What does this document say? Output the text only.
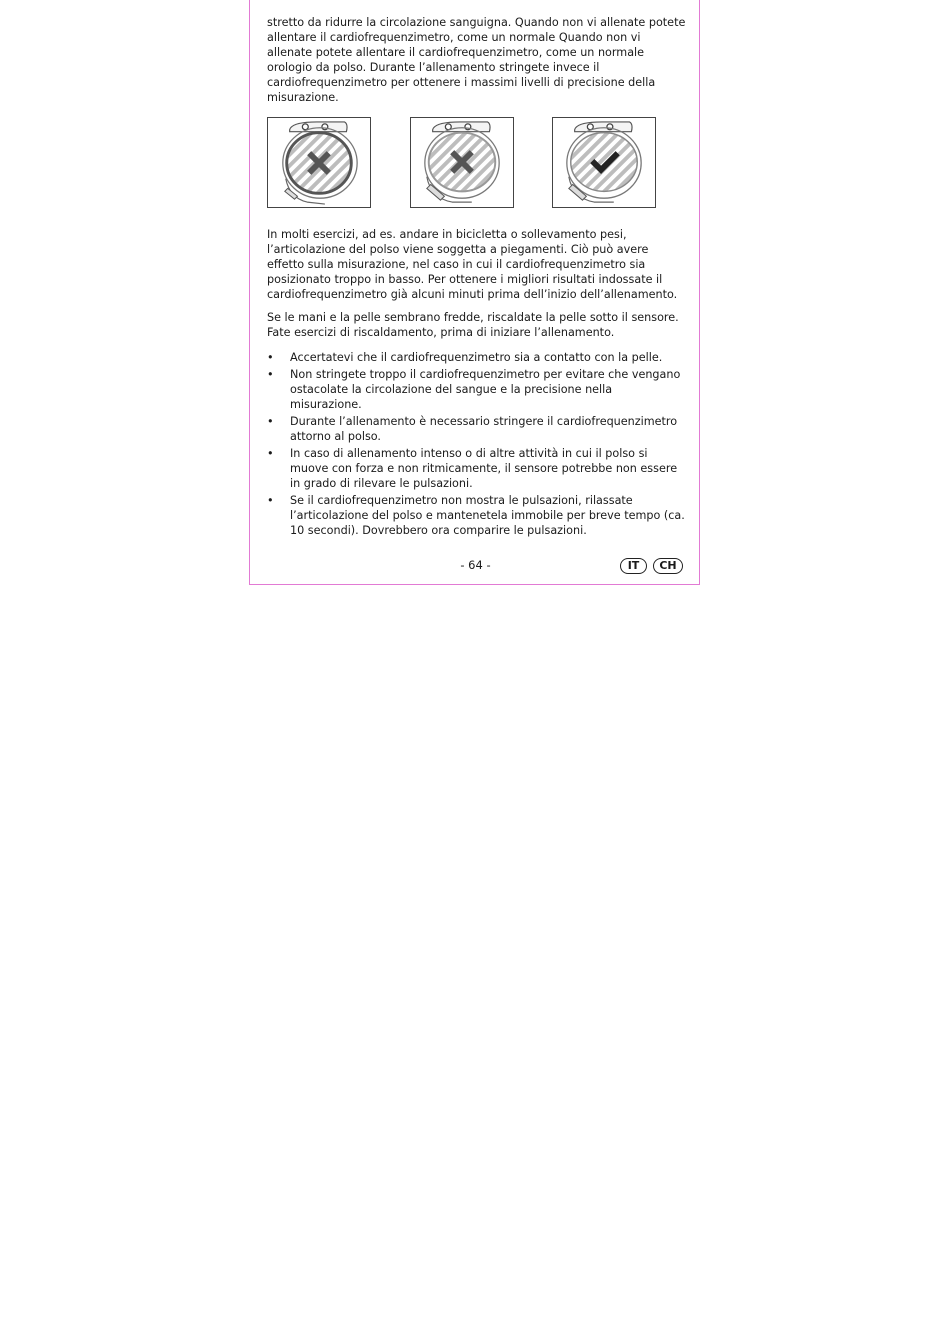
stretto da ridurre la circolazione sanguigna. Quando non vi allenate potete allentare il cardiofrequenzimetro, come un normale Quando non vi allenate potete allentare il cardiofrequenzimetro, come un normale orologio da polso. Durante l’allenamento stringete invece il cardiofrequenzimetro per ottenere i massimi livelli di precisione della misurazione.

In molti esercizi, ad es. andare in bicicletta o sollevamento pesi, l’articolazione del polso viene soggetta a piegamenti. Ciò può avere effetto sulla misurazione, nel caso in cui il cardiofrequenzimetro sia posizionato troppo in basso. Per ottenere i migliori risultati indossate il cardiofrequenzimetro già alcuni minuti prima dell’inizio dell’allenamento.

Se le mani e la pelle sembrano fredde, riscaldate la pelle sotto il sensore. Fate esercizi di riscaldamento, prima di iniziare l’allenamento.

• Accertatevi che il cardiofrequenzimetro sia a contatto con la pelle.
• Non stringete troppo il cardiofrequenzimetro per evitare che vengano ostacolate la circolazione del sangue e la precisione nella misurazione.
• Durante l’allenamento è necessario stringere il cardiofrequenzimetro attorno al polso.
• In caso di allenamento intenso o di altre attività in cui il polso si muove con forza e non ritmicamente, il sensore potrebbe non essere in grado di rilevare le pulsazioni.
• Se il cardiofrequenzimetro non mostra le pulsazioni, rilassate l’articolazione del polso e mantenetela immobile per breve tempo (ca. 10 secondi). Dovrebbero ora comparire le pulsazioni.
- 64 -	IT	CH
